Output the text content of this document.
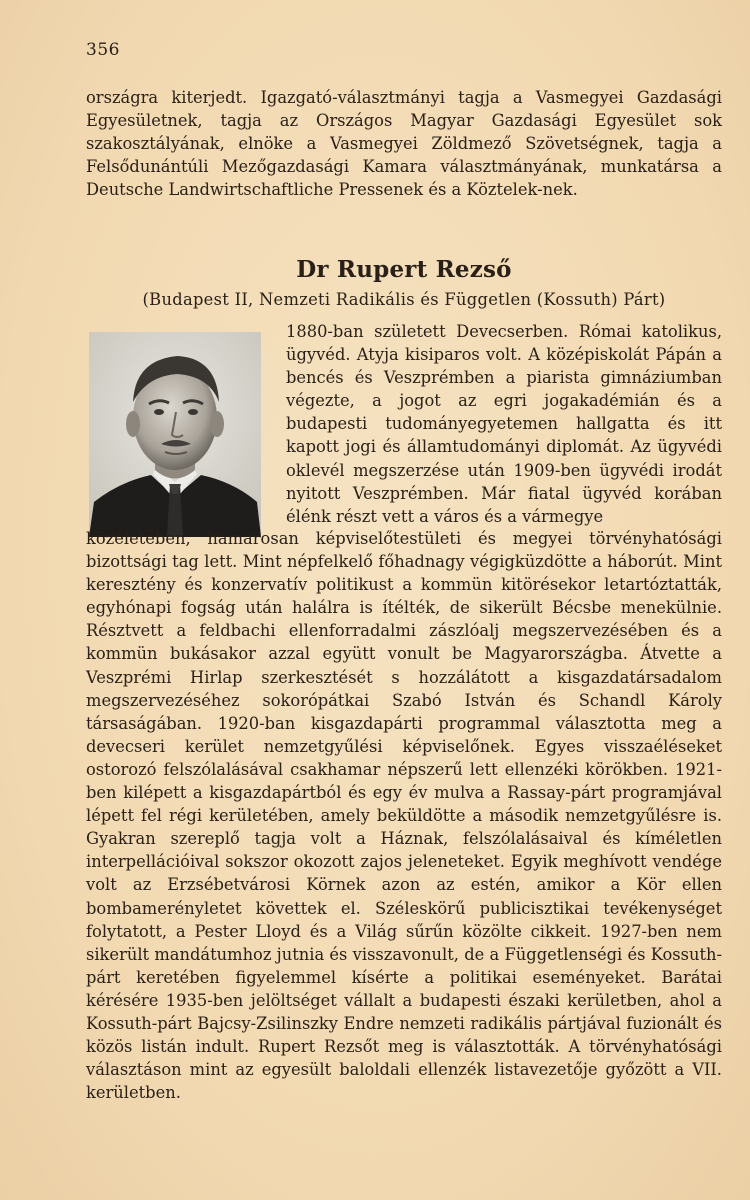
356

országra kiterjedt. Igazgató-választmányi tagja a Vasmegyei Gazdasági Egyesületnek, tagja az Országos Magyar Gazdasági Egyesület sok szakosztályának, elnöke a Vasmegyei Zöldmező Szövetségnek, tagja a Felsődunántúli Mezőgazdasági Kamara választmányának, munkatársa a Deutsche Landwirtschaftliche Pressenek és a Köztelek-nek.

Dr Rupert Rezső
(Budapest II, Nemzeti Radikális és Független (Kossuth) Párt)

1880-ban született Devecserben. Római katolikus, ügyvéd. Atyja kisiparos volt. A középiskolát Pápán a bencés és Veszprémben a piarista gimnáziumban végezte, a jogot az egri jogakadémián és a budapesti tudományegyetemen hallgatta és itt kapott jogi és államtudományi diplomát. Az ügyvédi oklevél megszerzése után 1909-ben ügyvédi irodát nyitott Veszprémben. Már fiatal ügyvéd korában élénk részt vett a város és a vármegye

közéletében, hamarosan képviselőtestületi és megyei törvényhatósági bizottsági tag lett. Mint népfelkelő főhadnagy végigküzdötte a háborút. Mint keresztény és konzervatív politikust a kommün kitörésekor letartóztatták, egyhónapi fogság után halálra is ítélték, de sikerült Bécsbe menekülnie. Résztvett a feldbachi ellenforradalmi zászlóalj megszervezésében és a kommün bukásakor azzal együtt vonult be Magyarországba. Átvette a Veszprémi Hirlap szerkesztését s hozzálátott a kisgazdatársadalom megszervezéséhez sokorópátkai Szabó István és Schandl Károly társaságában. 1920-ban kisgazdapárti programmal választotta meg a devecseri kerület nemzetgyűlési képviselőnek. Egyes visszaéléseket ostorozó felszólalásával csakhamar népszerű lett ellenzéki körökben. 1921-ben kilépett a kisgazdapártból és egy év mulva a Rassay-párt programjával lépett fel régi kerületében, amely beküldötte a második nemzetgyűlésre is. Gyakran szereplő tagja volt a Háznak, felszólalásaival és kíméletlen interpellációival sokszor okozott zajos jeleneteket. Egyik meghívott vendége volt az Erzsébetvárosi Körnek azon az estén, amikor a Kör ellen bombamerényletet követtek el. Széleskörű publicisztikai tevékenységet folytatott, a Pester Lloyd és a Világ sűrűn közölte cikkeit. 1927-ben nem sikerült mandátumhoz jutnia és visszavonult, de a Függetlenségi és Kossuth-párt keretében figyelemmel kísérte a politikai eseményeket. Barátai kérésére 1935-ben jelöltséget vállalt a budapesti északi kerületben, ahol a Kossuth-párt Bajcsy-Zsilinszky Endre nemzeti radikális pártjával fuzionált és közös listán indult. Rupert Rezsőt meg is választották. A törvényhatósági választáson mint az egyesült baloldali ellenzék listavezetője győzött a VII. kerületben.
